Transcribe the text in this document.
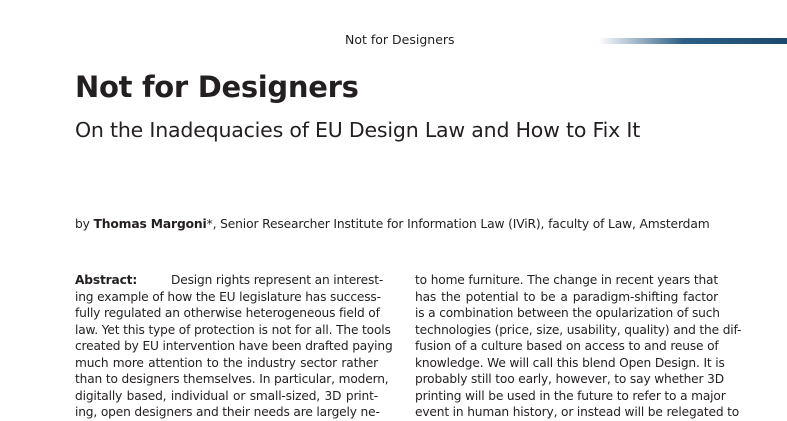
Not for Designers
Not for Designers
On the Inadequacies of EU Design Law and How to Fix It
by Thomas Margoni*, Senior Researcher Institute for Information Law (IViR), faculty of Law, Amsterdam
Abstract:	Design rights represent an interest-
ing example of how the EU legislature has success-
fully regulated an otherwise heterogeneous field of
law. Yet this type of protection is not for all. The tools
created by EU intervention have been drafted paying
much more attention to the industry sector rather
than to designers themselves. In particular, modern,
digitally based, individual or small-sized, 3D print-
ing, open designers and their needs are largely ne-
to home furniture. The change in recent years that
has the potential to be a paradigm-shifting factor
is a combination between the opularization of such
technologies (price, size, usability, quality) and the dif-
fusion of a culture based on access to and reuse of
knowledge. We will call this blend Open Design. It is
probably still too early, however, to say whether 3D
printing will be used in the future to refer to a major
event in human history, or instead will be relegated to
